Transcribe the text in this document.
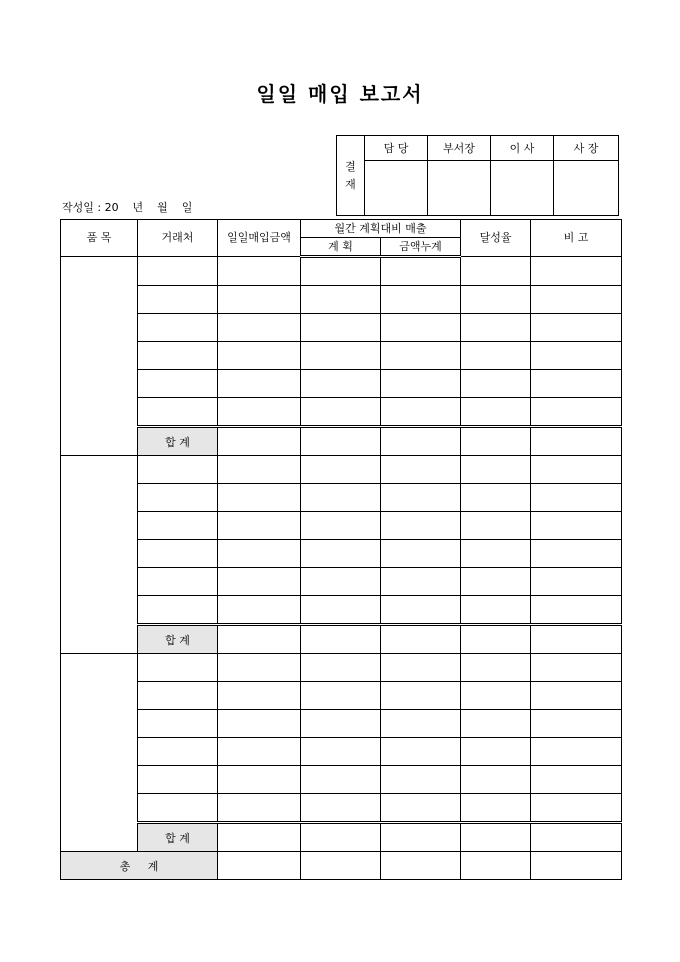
일일 매입 보고서
결
재	담 당	부서장	이 사	사 장

작성일 : 20    년    월    일
품 목	거래처	일일매입금액	월간 계획대비 매출		달성율	비 고
			계 획	금액누계		

	합 계					

	합 계					

	합 계					
총     계						
